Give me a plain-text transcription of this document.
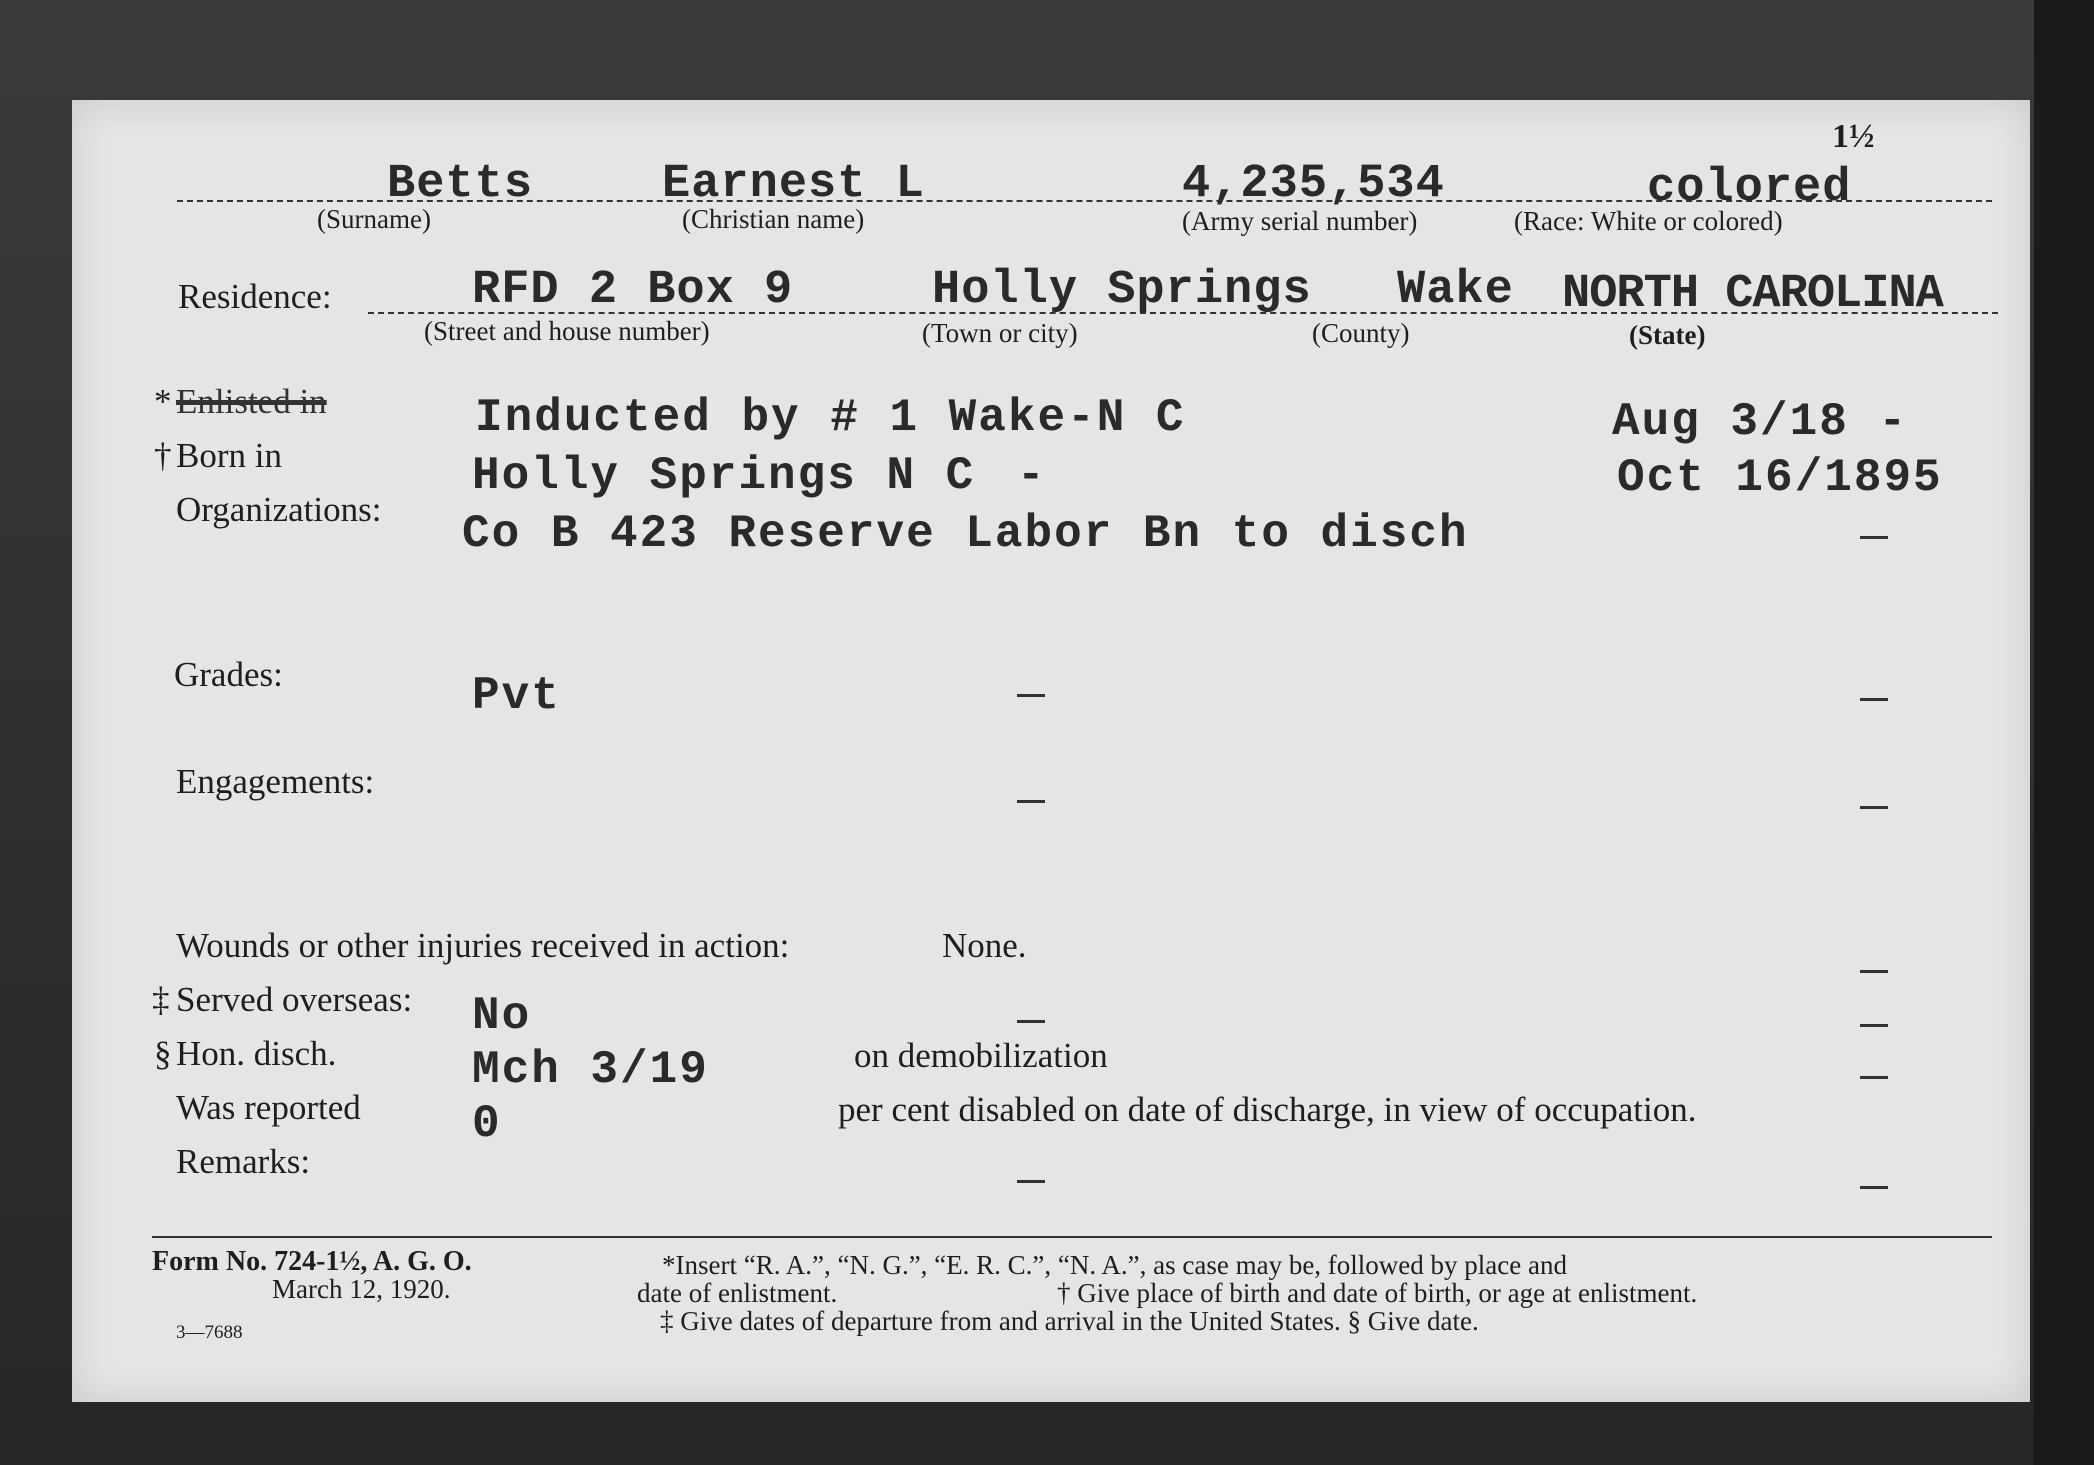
1½
Betts	Earnest L	4,235,534	colored
(Surname)	(Christian name)	(Army serial number)	(Race: White or colored)
Residence:	RFD 2 Box 9	Holly Springs Wake NORTH CAROLINA
(Street and house number)	(Town or city)	(County)	(State)
* Enlisted in	Inducted by # 1 Wake-N C	Aug 3/18 -
† Born in	Holly Springs N C -	Oct 16/1895
Organizations: Co B 423 Reserve Labor Bn to disch
Grades:	Pvt
Engagements:
Wounds or other injuries received in action:	None.
‡ Served overseas: No
§ Hon. disch.	Mch 3/19	on demobilization
Was reported 0	per cent disabled on date of discharge, in view of occupation.
Remarks:
Form No. 724-1½, A. G. O.
March 12, 1920.
3—7688
*Insert “R. A.”, “N. G.”, “E. R. C.”, “N. A.”, as case may be, followed by place and
date of enlistment.	† Give place of birth and date of birth, or age at enlistment.
‡ Give dates of departure from and arrival in the United States. § Give date.
